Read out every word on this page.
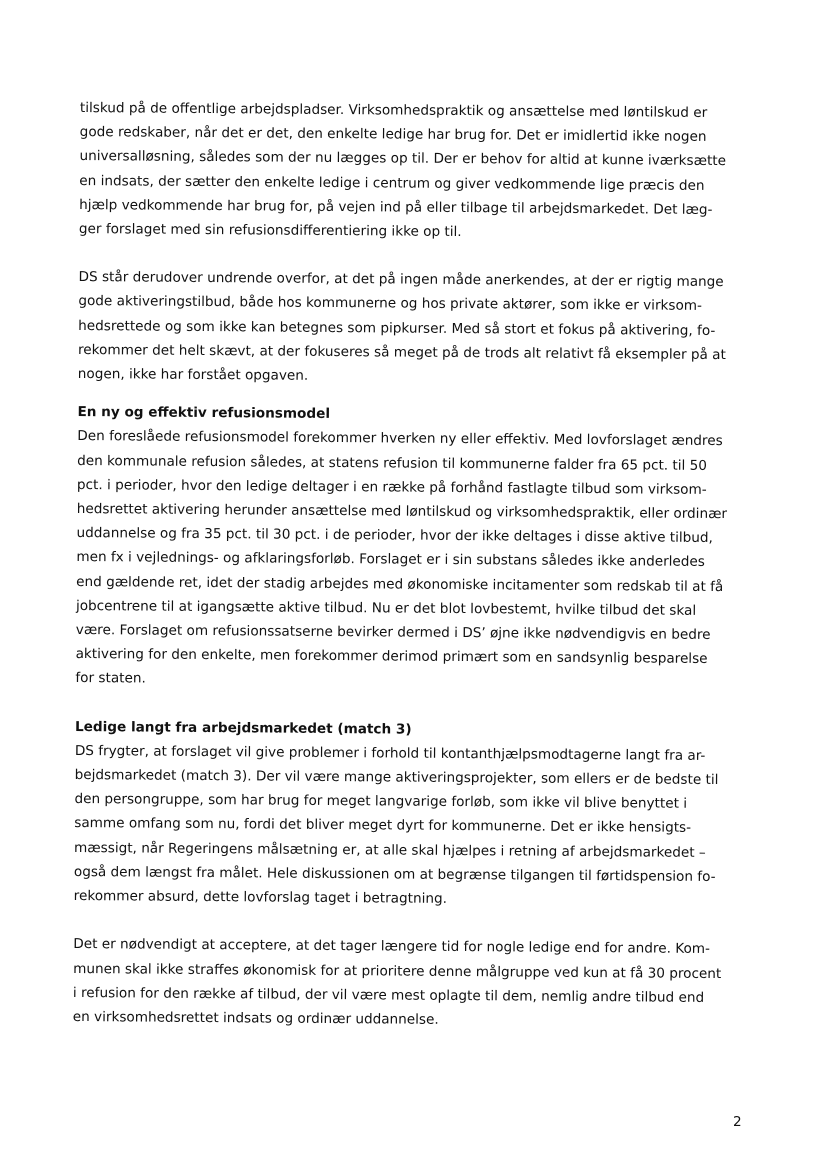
tilskud på de offentlige arbejdspladser. Virksomhedspraktik og ansættelse med løntilskud er
gode redskaber, når det er det, den enkelte ledige har brug for. Det er imidlertid ikke nogen
universalløsning, således som der nu lægges op til. Der er behov for altid at kunne iværksætte
en indsats, der sætter den enkelte ledige i centrum og giver vedkommende lige præcis den
hjælp vedkommende har brug for, på vejen ind på eller tilbage til arbejdsmarkedet. Det læg-
ger forslaget med sin refusionsdifferentiering ikke op til.

DS står derudover undrende overfor, at det på ingen måde anerkendes, at der er rigtig mange
gode aktiveringstilbud, både hos kommunerne og hos private aktører, som ikke er virksom-
hedsrettede og som ikke kan betegnes som pipkurser. Med så stort et fokus på aktivering, fo-
rekommer det helt skævt, at der fokuseres så meget på de trods alt relativt få eksempler på at
nogen, ikke har forstået opgaven.

En ny og effektiv refusionsmodel

Den foreslåede refusionsmodel forekommer hverken ny eller effektiv. Med lovforslaget ændres
den kommunale refusion således, at statens refusion til kommunerne falder fra 65 pct. til 50
pct. i perioder, hvor den ledige deltager i en række på forhånd fastlagte tilbud som virksom-
hedsrettet aktivering herunder ansættelse med løntilskud og virksomhedspraktik, eller ordinær
uddannelse og fra 35 pct. til 30 pct. i de perioder, hvor der ikke deltages i disse aktive tilbud,
men fx i vejlednings- og afklaringsforløb. Forslaget er i sin substans således ikke anderledes
end gældende ret, idet der stadig arbejdes med økonomiske incitamenter som redskab til at få
jobcentrene til at igangsætte aktive tilbud. Nu er det blot lovbestemt, hvilke tilbud det skal
være. Forslaget om refusionssatserne bevirker dermed i DS’ øjne ikke nødvendigvis en bedre
aktivering for den enkelte, men forekommer derimod primært som en sandsynlig besparelse
for staten.

Ledige langt fra arbejdsmarkedet (match 3)

DS frygter, at forslaget vil give problemer i forhold til kontanthjælpsmodtagerne langt fra ar-
bejdsmarkedet (match 3). Der vil være mange aktiveringsprojekter, som ellers er de bedste til
den persongruppe, som har brug for meget langvarige forløb, som ikke vil blive benyttet i
samme omfang som nu, fordi det bliver meget dyrt for kommunerne. Det er ikke hensigts-
mæssigt, når Regeringens målsætning er, at alle skal hjælpes i retning af arbejdsmarkedet –
også dem længst fra målet. Hele diskussionen om at begrænse tilgangen til førtidspension fo-
rekommer absurd, dette lovforslag taget i betragtning.

Det er nødvendigt at acceptere, at det tager længere tid for nogle ledige end for andre. Kom-
munen skal ikke straffes økonomisk for at prioritere denne målgruppe ved kun at få 30 procent
i refusion for den række af tilbud, der vil være mest oplagte til dem, nemlig andre tilbud end
en virksomhedsrettet indsats og ordinær uddannelse.

2
